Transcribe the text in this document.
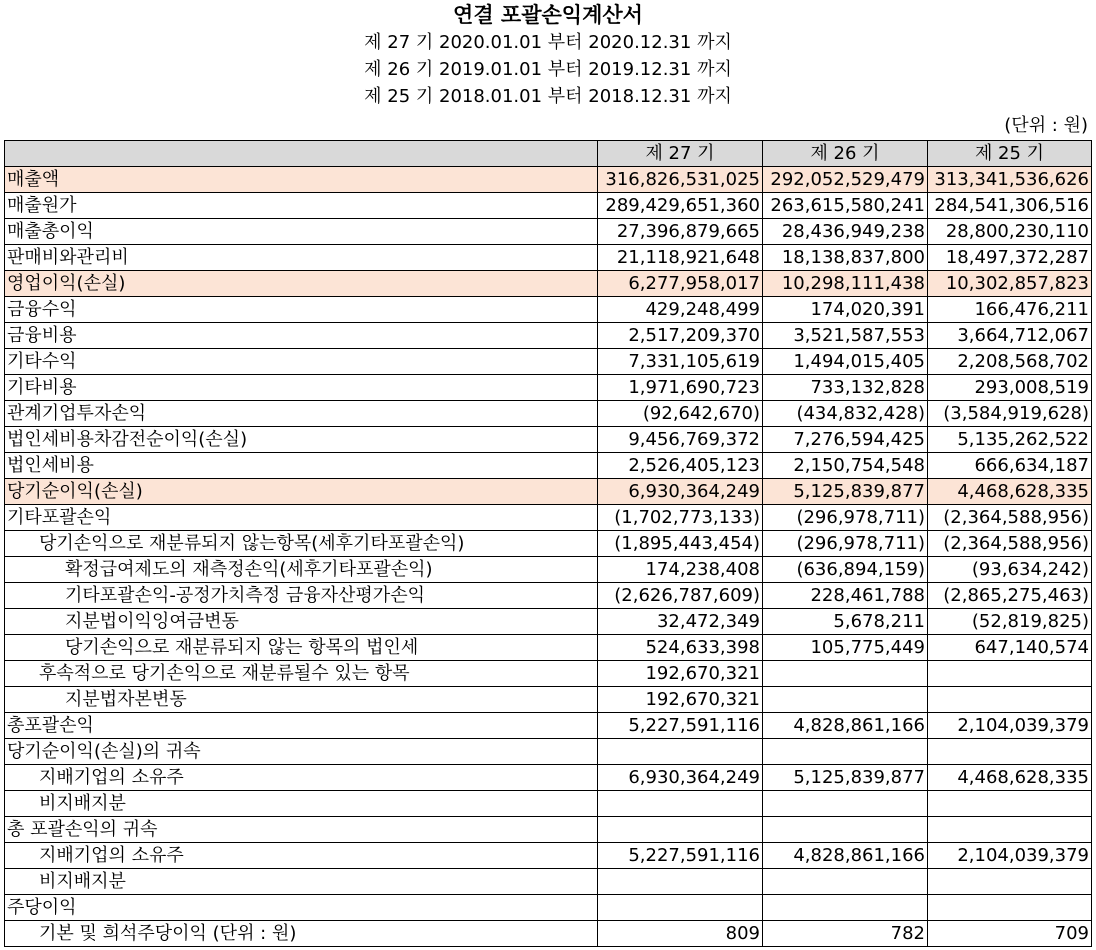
연결 포괄손익계산서
제 27 기 2020.01.01 부터 2020.12.31 까지
제 26 기 2019.01.01 부터 2019.12.31 까지
제 25 기 2018.01.01 부터 2018.12.31 까지
(단위 : 원)
	제 27 기	제 26 기	제 25 기
매출액	316,826,531,025	292,052,529,479	313,341,536,626
매출원가	289,429,651,360	263,615,580,241	284,541,306,516
매출총이익	27,396,879,665	28,436,949,238	28,800,230,110
판매비와관리비	21,118,921,648	18,138,837,800	18,497,372,287
영업이익(손실)	6,277,958,017	10,298,111,438	10,302,857,823
금융수익	429,248,499	174,020,391	166,476,211
금융비용	2,517,209,370	3,521,587,553	3,664,712,067
기타수익	7,331,105,619	1,494,015,405	2,208,568,702
기타비용	1,971,690,723	733,132,828	293,008,519
관계기업투자손익	(92,642,670)	(434,832,428)	(3,584,919,628)
법인세비용차감전순이익(손실)	9,456,769,372	7,276,594,425	5,135,262,522
법인세비용	2,526,405,123	2,150,754,548	666,634,187
당기순이익(손실)	6,930,364,249	5,125,839,877	4,468,628,335
기타포괄손익	(1,702,773,133)	(296,978,711)	(2,364,588,956)
당기손익으로 재분류되지 않는항목(세후기타포괄손익)	(1,895,443,454)	(296,978,711)	(2,364,588,956)
확정급여제도의 재측정손익(세후기타포괄손익)	174,238,408	(636,894,159)	(93,634,242)
기타포괄손익-공정가치측정 금융자산평가손익	(2,626,787,609)	228,461,788	(2,865,275,463)
지분법이익잉여금변동	32,472,349	5,678,211	(52,819,825)
당기손익으로 재분류되지 않는 항목의 법인세	524,633,398	105,775,449	647,140,574
후속적으로 당기손익으로 재분류될수 있는 항목	192,670,321		
지분법자본변동	192,670,321		
총포괄손익	5,227,591,116	4,828,861,166	2,104,039,379
당기순이익(손실)의 귀속			
지배기업의 소유주	6,930,364,249	5,125,839,877	4,468,628,335
비지배지분			
총 포괄손익의 귀속			
지배기업의 소유주	5,227,591,116	4,828,861,166	2,104,039,379
비지배지분			
주당이익			
기본 및 희석주당이익 (단위 : 원)	809	782	709
